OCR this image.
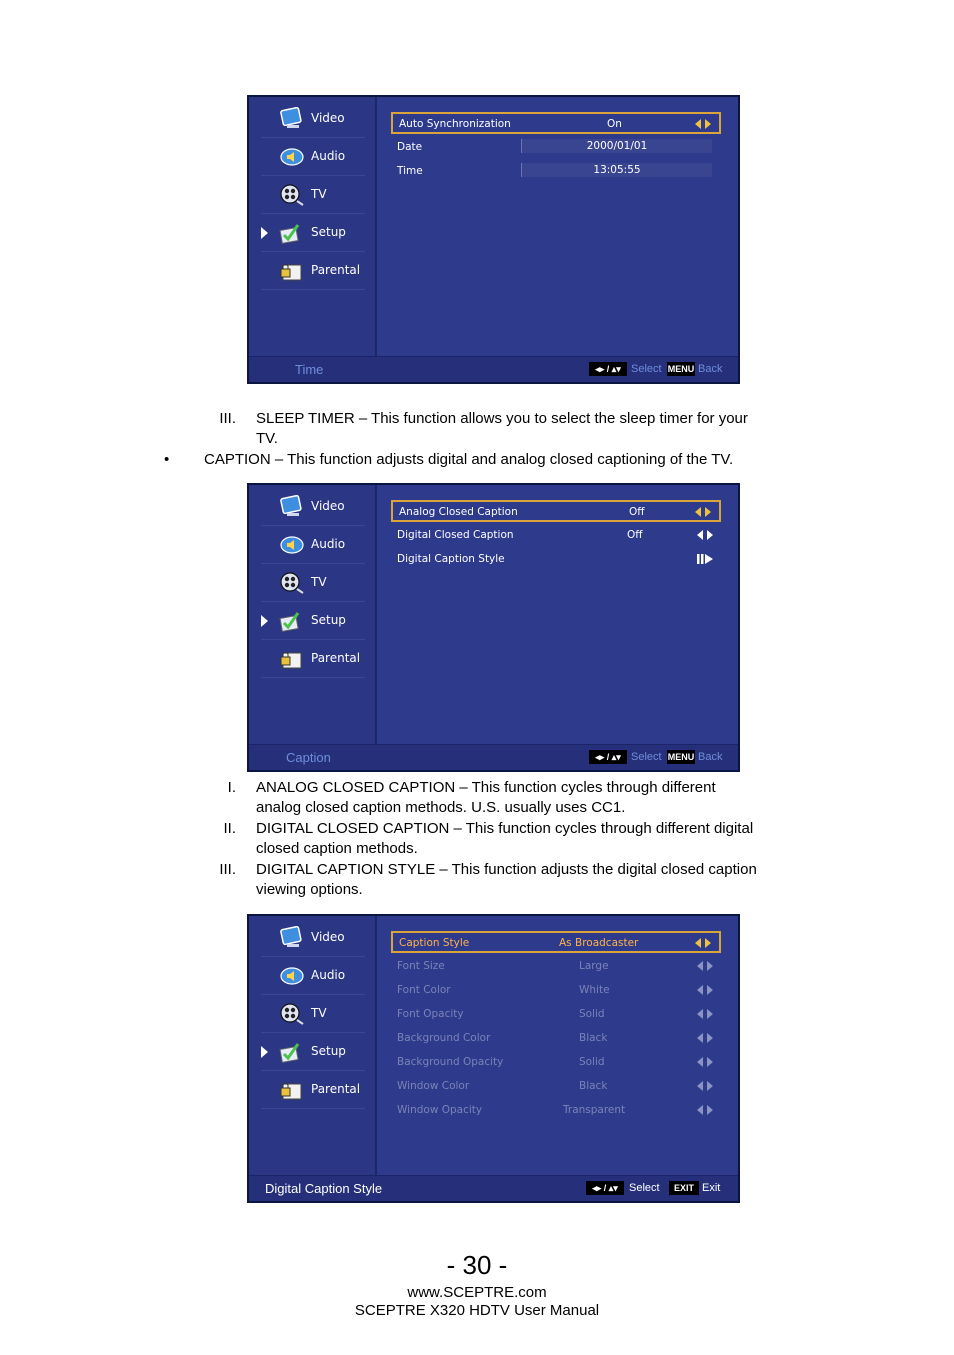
Video
Audio
TV
Setup
Parental
Auto Synchronization	On
Date	2000/01/01
Time	13:05:55
Time	◂▸ / ▴▾ Select MENU Back
III. SLEEP TIMER – This function allows you to select the sleep timer for your
TV.
• CAPTION – This function adjusts digital and analog closed captioning of the TV.
Video
Audio
TV
Setup
Parental
Analog Closed Caption	Off
Digital Closed Caption	Off
Digital Caption Style
Caption	◂▸ / ▴▾ Select MENU Back
I. ANALOG CLOSED CAPTION – This function cycles through different
analog closed caption methods. U.S. usually uses CC1.
II. DIGITAL CLOSED CAPTION – This function cycles through different digital
closed caption methods.
III. DIGITAL CAPTION STYLE – This function adjusts the digital closed caption
viewing options.
Video
Audio
TV
Setup
Parental
Caption Style	As Broadcaster
Font Size	Large
Font Color	White
Font Opacity	Solid
Background Color	Black
Background Opacity	Solid
Window Color	Black
Window Opacity	Transparent
Digital Caption Style	◂▸ / ▴▾	Select	EXIT Exit
- 30 -
www.SCEPTRE.com
SCEPTRE X320 HDTV User Manual
